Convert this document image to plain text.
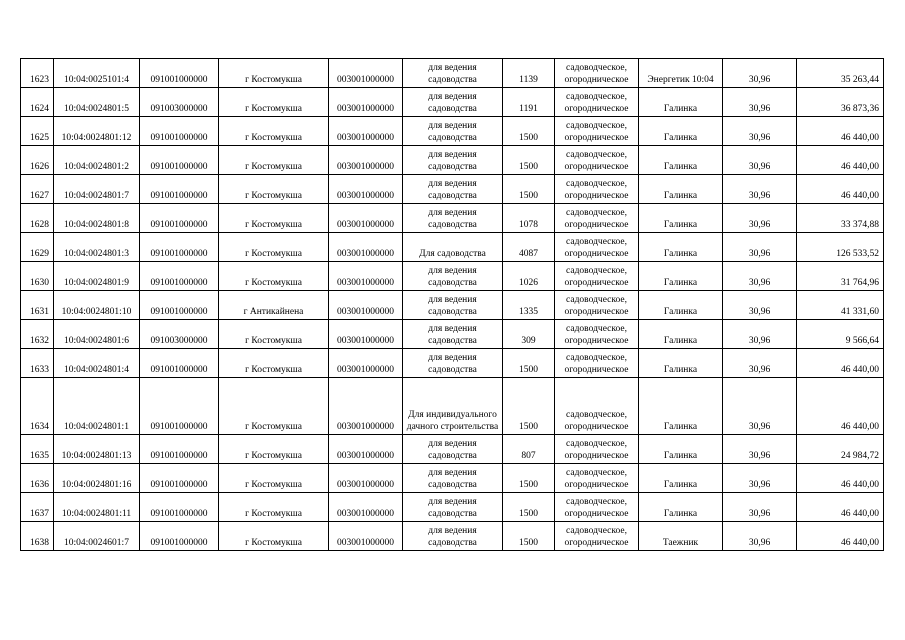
1623	10:04:0025101:4	091001000000	г Костомукша	003001000000	для ведения садоводства	1139	садоводческое, огородническое	Энергетик 10:04	30,96	35 263,44
1624	10:04:0024801:5	091003000000	г Костомукша	003001000000	для ведения садоводства	1191	садоводческое, огородническое	Галинка	30,96	36 873,36
1625	10:04:0024801:12	091001000000	г Костомукша	003001000000	для ведения садоводства	1500	садоводческое, огородническое	Галинка	30,96	46 440,00
1626	10:04:0024801:2	091001000000	г Костомукша	003001000000	для ведения садоводства	1500	садоводческое, огородническое	Галинка	30,96	46 440,00
1627	10:04:0024801:7	091001000000	г Костомукша	003001000000	для ведения садоводства	1500	садоводческое, огородническое	Галинка	30,96	46 440,00
1628	10:04:0024801:8	091001000000	г Костомукша	003001000000	для ведения садоводства	1078	садоводческое, огородническое	Галинка	30,96	33 374,88
1629	10:04:0024801:3	091001000000	г Костомукша	003001000000	Для садоводства	4087	садоводческое, огородническое	Галинка	30,96	126 533,52
1630	10:04:0024801:9	091001000000	г Костомукша	003001000000	для ведения садоводства	1026	садоводческое, огородническое	Галинка	30,96	31 764,96
1631	10:04:0024801:10	091001000000	г Антикайнена	003001000000	для ведения садоводства	1335	садоводческое, огородническое	Галинка	30,96	41 331,60
1632	10:04:0024801:6	091003000000	г Костомукша	003001000000	для ведения садоводства	309	садоводческое, огородническое	Галинка	30,96	9 566,64
1633	10:04:0024801:4	091001000000	г Костомукша	003001000000	для ведения садоводства	1500	садоводческое, огородническое	Галинка	30,96	46 440,00
1634	10:04:0024801:1	091001000000	г Костомукша	003001000000	Для индивидуального дачного строительства	1500	садоводческое, огородническое	Галинка	30,96	46 440,00
1635	10:04:0024801:13	091001000000	г Костомукша	003001000000	для ведения садоводства	807	садоводческое, огородническое	Галинка	30,96	24 984,72
1636	10:04:0024801:16	091001000000	г Костомукша	003001000000	для ведения садоводства	1500	садоводческое, огородническое	Галинка	30,96	46 440,00
1637	10:04:0024801:11	091001000000	г Костомукша	003001000000	для ведения садоводства	1500	садоводческое, огородническое	Галинка	30,96	46 440,00
1638	10:04:0024601:7	091001000000	г Костомукша	003001000000	для ведения садоводства	1500	садоводческое, огородническое	Таежник	30,96	46 440,00
